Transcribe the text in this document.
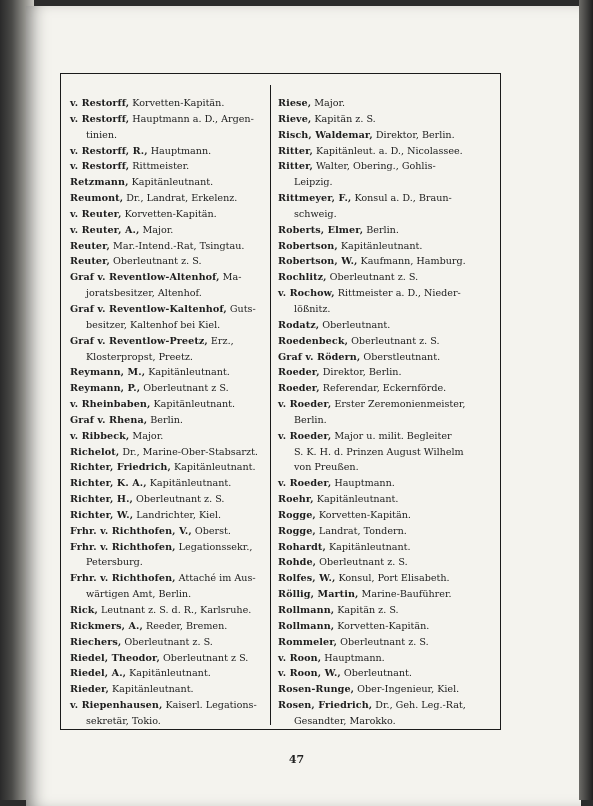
v. Restorff, Korvetten-Kapitän.
v. Restorff, Hauptmann a. D., Argen-
tinien.
v. Restorff, R., Hauptmann.
v. Restorff, Rittmeister.
Retzmann, Kapitänleutnant.
Reumont, Dr., Landrat, Erkelenz.
v. Reuter, Korvetten-Kapitän.
v. Reuter, A., Major.
Reuter, Mar.-Intend.-Rat, Tsingtau.
Reuter, Oberleutnant z. S.
Graf v. Reventlow-Altenhof, Ma-
joratsbesitzer, Altenhof.
Graf v. Reventlow-Kaltenhof, Guts-
besitzer, Kaltenhof bei Kiel.
Graf v. Reventlow-Preetz, Erz.,
Klosterpropst, Preetz.
Reymann, M., Kapitänleutnant.
Reymann, P., Oberleutnant z S.
v. Rheinbaben, Kapitänleutnant.
Graf v. Rhena, Berlin.
v. Ribbeck, Major.
Richelot, Dr., Marine-Ober-Stabsarzt.
Richter, Friedrich, Kapitänleutnant.
Richter, K. A., Kapitänleutnant.
Richter, H., Oberleutnant z. S.
Richter, W., Landrichter, Kiel.
Frhr. v. Richthofen, V., Oberst.
Frhr. v. Richthofen, Legationssekr.,
Petersburg.
Frhr. v. Richthofen, Attaché im Aus-
wärtigen Amt, Berlin.
Rick, Leutnant z. S. d. R., Karlsruhe.
Rickmers, A., Reeder, Bremen.
Riechers, Oberleutnant z. S.
Riedel, Theodor, Oberleutnant z S.
Riedel, A., Kapitänleutnant.
Rieder, Kapitänleutnant.
v. Riepenhausen, Kaiserl. Legations-
sekretär, Tokio.
Riese, Major.
Rieve, Kapitän z. S.
Risch, Waldemar, Direktor, Berlin.
Ritter, Kapitänleut. a. D., Nicolassee.
Ritter, Walter, Obering., Gohlis-
Leipzig.
Rittmeyer, F., Konsul a. D., Braun-
schweig.
Roberts, Elmer, Berlin.
Robertson, Kapitänleutnant.
Robertson, W., Kaufmann, Hamburg.
Rochlitz, Oberleutnant z. S.
v. Rochow, Rittmeister a. D., Nieder-
lößnitz.
Rodatz, Oberleutnant.
Roedenbeck, Oberleutnant z. S.
Graf v. Rödern, Oberstleutnant.
Roeder, Direktor, Berlin.
Roeder, Referendar, Eckernförde.
v. Roeder, Erster Zeremonienmeister,
Berlin.
v. Roeder, Major u. milit. Begleiter
S. K. H. d. Prinzen August Wilhelm
von Preußen.
v. Roeder, Hauptmann.
Roehr, Kapitänleutnant.
Rogge, Korvetten-Kapitän.
Rogge, Landrat, Tondern.
Rohardt, Kapitänleutnant.
Rohde, Oberleutnant z. S.
Rolfes, W., Konsul, Port Elisabeth.
Röllig, Martin, Marine-Bauführer.
Rollmann, Kapitän z. S.
Rollmann, Korvetten-Kapitän.
Rommeler, Oberleutnant z. S.
v. Roon, Hauptmann.
v. Roon, W., Oberleutnant.
Rosen-Runge, Ober-Ingenieur, Kiel.
Rosen, Friedrich, Dr., Geh. Leg.-Rat,
Gesandter, Marokko.
47
